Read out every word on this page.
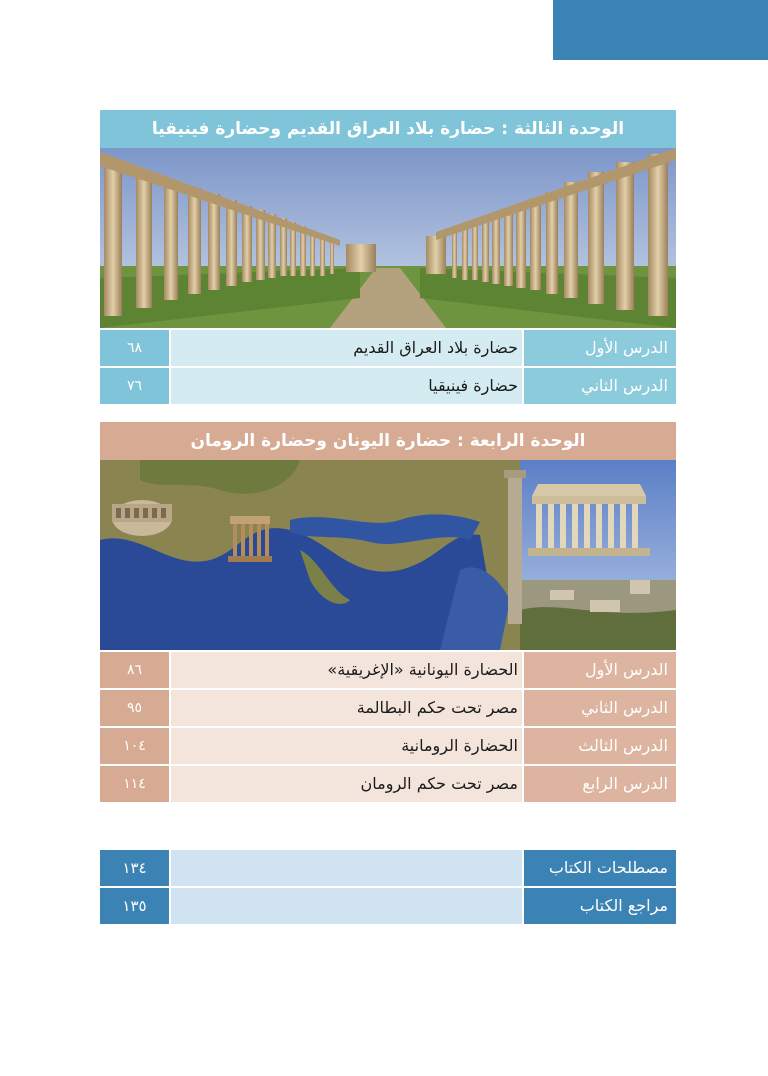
الوحدة الثالثة : حضارة بلاد العراق القديم وحضارة فينيقيا
الدرس الأول
حضارة بلاد العراق القديم
٦٨
الدرس الثاني
حضارة فينيقيا
٧٦
الوحدة الرابعة : حضارة اليونان وحضارة الرومان
الدرس الأول
الحضارة اليونانية «الإغريقية»
٨٦
الدرس الثاني
مصر تحت حكم البطالمة
٩٥
الدرس الثالث
الحضارة الرومانية
١٠٤
الدرس الرابع
مصر تحت حكم الرومان
١١٤
مصطلحات الكتاب
١٣٤
مراجع الكتاب
١٣٥
